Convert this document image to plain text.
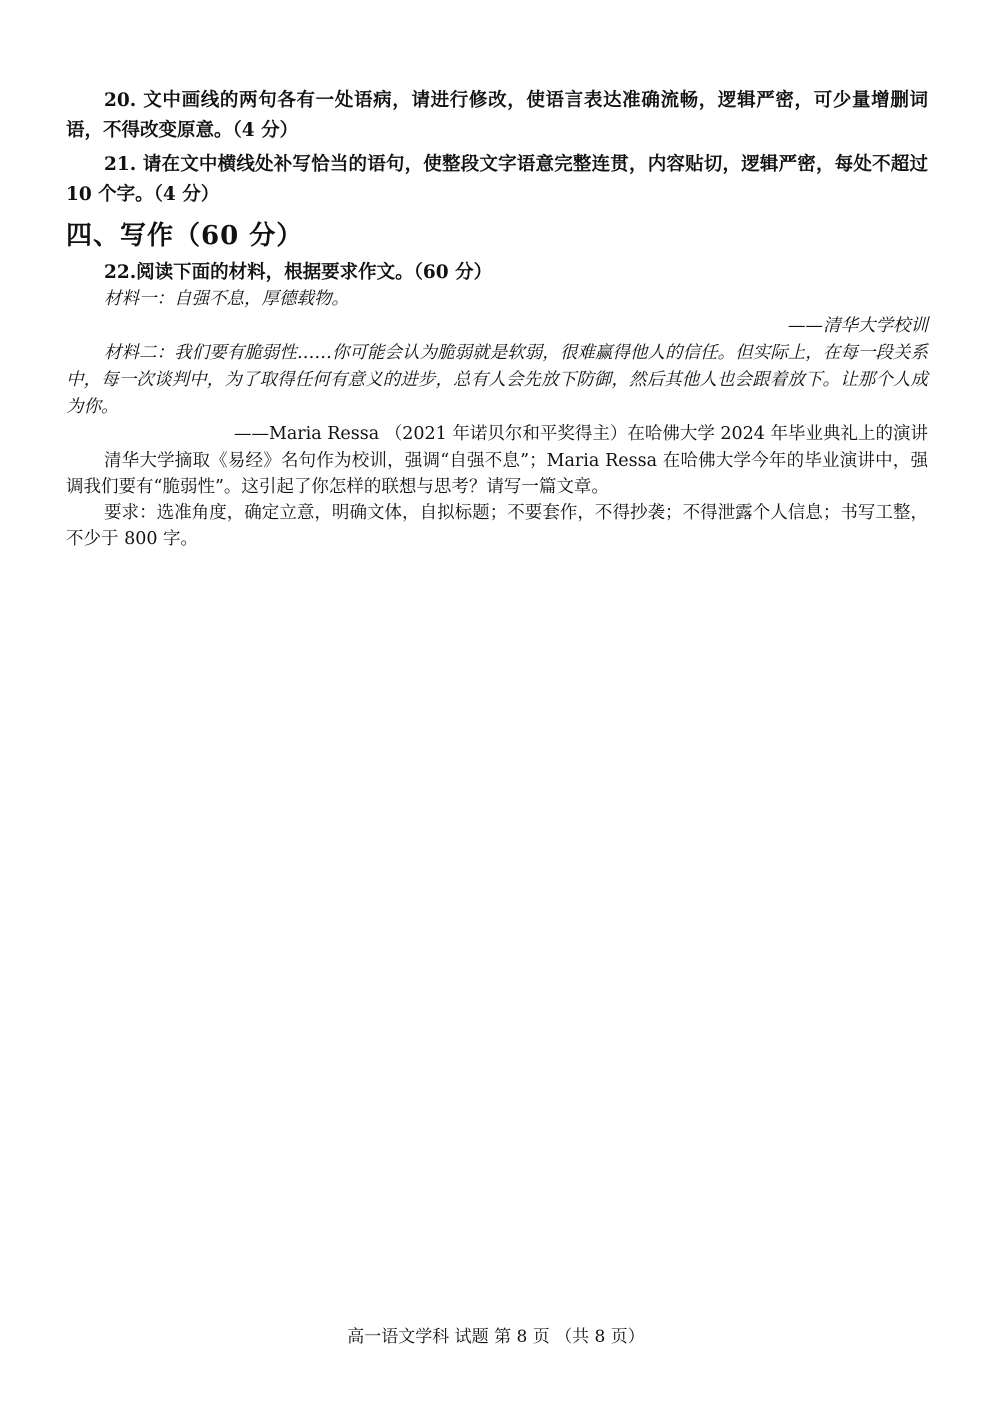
20. 文中画线的两句各有一处语病，请进行修改，使语言表达准确流畅，逻辑严密，可少量增删词语，不得改变原意。（4 分）

21. 请在文中横线处补写恰当的语句，使整段文字语意完整连贯，内容贴切，逻辑严密，每处不超过 10 个字。（4 分）

四、写作（60 分）

22.阅读下面的材料，根据要求作文。（60 分）

材料一：自强不息，厚德载物。

——清华大学校训

材料二：我们要有脆弱性……你可能会认为脆弱就是软弱，很难赢得他人的信任。但实际上，在每一段关系中，每一次谈判中，为了取得任何有意义的进步，总有人会先放下防御，然后其他人也会跟着放下。让那个人成为你。

——Maria Ressa （2021 年诺贝尔和平奖得主）在哈佛大学 2024 年毕业典礼上的演讲

清华大学摘取《易经》名句作为校训，强调“自强不息”；Maria Ressa 在哈佛大学今年的毕业演讲中，强调我们要有“脆弱性”。这引起了你怎样的联想与思考？请写一篇文章。

要求：选准角度，确定立意，明确文体，自拟标题；不要套作，不得抄袭；不得泄露个人信息；书写工整，不少于 800 字。

高一语文学科 试题 第 8 页 （共 8 页）
